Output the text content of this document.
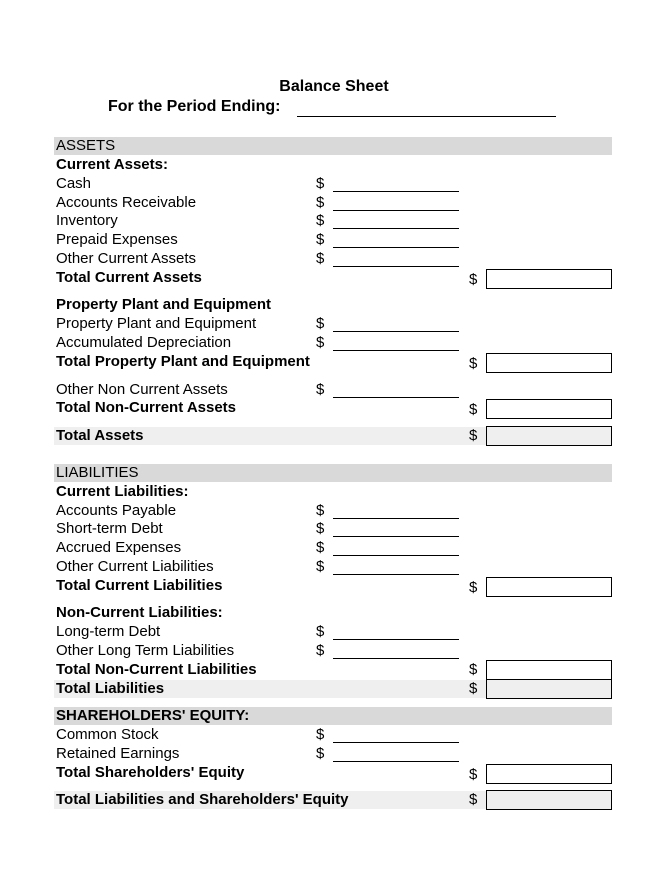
Balance Sheet
For the Period Ending:
ASSETS
Current Assets:
Cash	$
Accounts Receivable	$
Inventory	$
Prepaid Expenses	$
Other Current Assets	$
Total Current Assets	$
Property Plant and Equipment
Property Plant and Equipment	$
Accumulated Depreciation	$
Total Property Plant and Equipment	$
Other Non Current Assets	$
Total Non-Current Assets	$
Total Assets	$
LIABILITIES
Current Liabilities:
Accounts Payable	$
Short-term Debt	$
Accrued Expenses	$
Other Current Liabilities	$
Total Current Liabilities	$
Non-Current Liabilities:
Long-term Debt	$
Other Long Term Liabilities	$
Total Non-Current Liabilities	$
Total Liabilities	$
SHAREHOLDERS' EQUITY:
Common Stock	$
Retained Earnings	$
Total Shareholders' Equity	$
Total Liabilities and Shareholders' Equity	$
